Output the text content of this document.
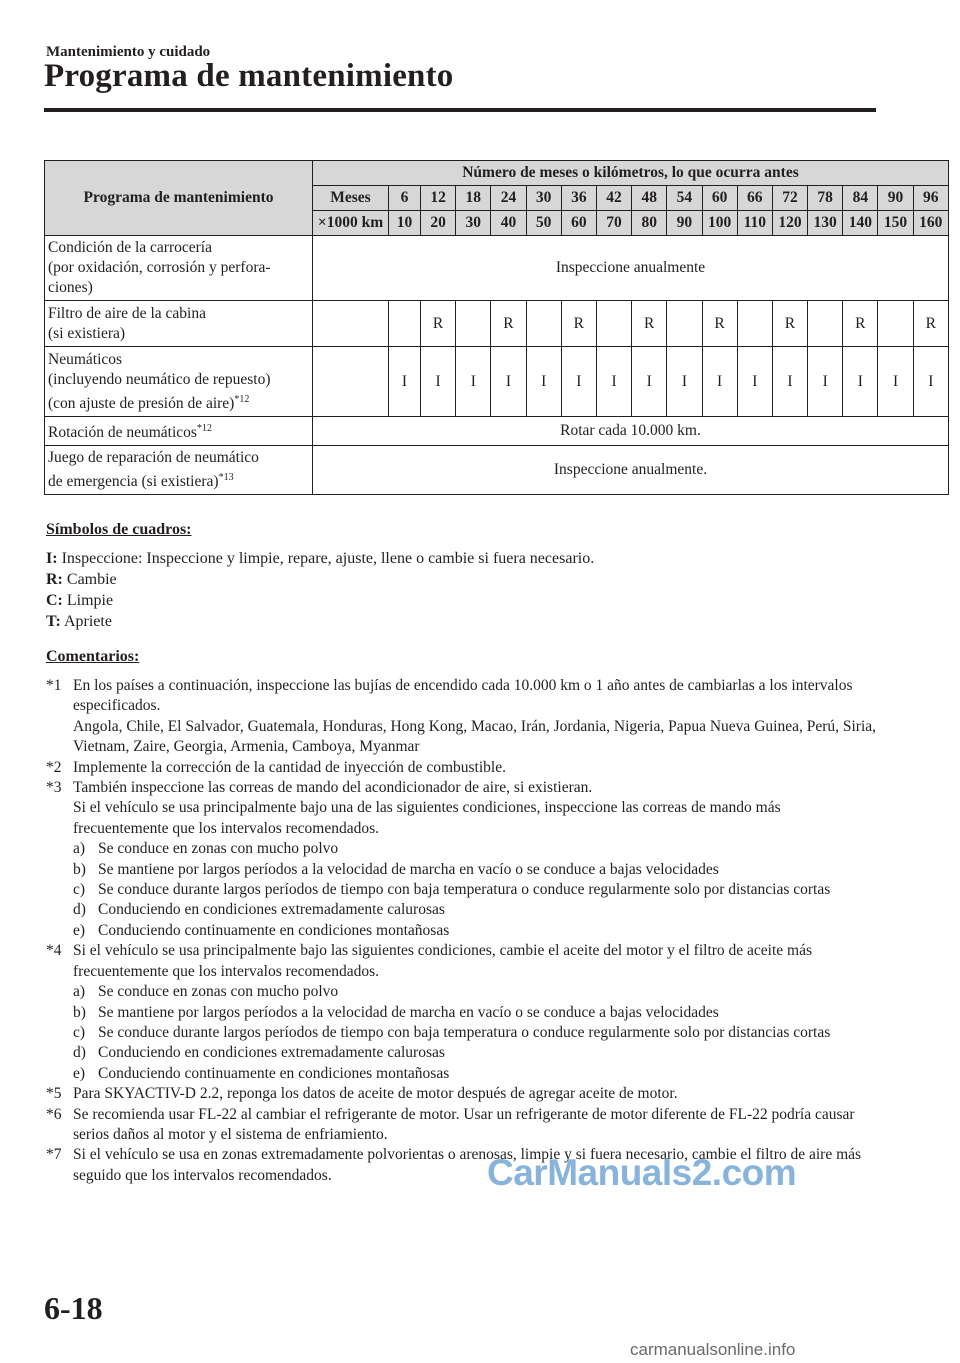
Mantenimiento y cuidado
Programa de mantenimiento
Programa de mantenimiento	Número de meses o kilómetros, lo que ocurra antes																
	Meses	6	12	18	24	30	36	42	48	54	60	66	72	78	84	90	96
	×1000 km	10	20	30	40	50	60	70	80	90	100	110	120	130	140	150	160
Condición de la carrocería
(por oxidación, corrosión y perfora-
ciones)	Inspeccione anualmente																
Filtro de aire de la cabina
(si existiera)			R		R		R		R		R		R		R		R
Neumáticos
(incluyendo neumático de repuesto)
(con ajuste de presión de aire)$^{*12}$		I	I	I	I	I	I	I	I	I	I	I	I	I	I	I	I
Rotación de neumáticos$^{*12}$	Rotar cada 10.000 km.																
Juego de reparación de neumático
de emergencia (si existiera)$^{*13}$	Inspeccione anualmente.																
Símbolos de cuadros:
I: Inspeccione: Inspeccione y limpie, repare, ajuste, llene o cambie si fuera necesario.
R: Cambie
C: Limpie
T: Apriete
Comentarios:
*1 En los países a continuación, inspeccione las bujías de encendido cada 10.000 km o 1 año antes de cambiarlas a los intervalos especificados.
Angola, Chile, El Salvador, Guatemala, Honduras, Hong Kong, Macao, Irán, Jordania, Nigeria, Papua Nueva Guinea, Perú, Siria, Vietnam, Zaire, Georgia, Armenia, Camboya, Myanmar
*2 Implemente la corrección de la cantidad de inyección de combustible.
*3 También inspeccione las correas de mando del acondicionador de aire, si existieran.
Si el vehículo se usa principalmente bajo una de las siguientes condiciones, inspeccione las correas de mando más frecuentemente que los intervalos recomendados.
a) Se conduce en zonas con mucho polvo
b) Se mantiene por largos períodos a la velocidad de marcha en vacío o se conduce a bajas velocidades
c) Se conduce durante largos períodos de tiempo con baja temperatura o conduce regularmente solo por distancias cortas
d) Conduciendo en condiciones extremadamente calurosas
e) Conduciendo continuamente en condiciones montañosas
*4 Si el vehículo se usa principalmente bajo las siguientes condiciones, cambie el aceite del motor y el filtro de aceite más frecuentemente que los intervalos recomendados.
a) Se conduce en zonas con mucho polvo
b) Se mantiene por largos períodos a la velocidad de marcha en vacío o se conduce a bajas velocidades
c) Se conduce durante largos períodos de tiempo con baja temperatura o conduce regularmente solo por distancias cortas
d) Conduciendo en condiciones extremadamente calurosas
e) Conduciendo continuamente en condiciones montañosas
*5 Para SKYACTIV-D 2.2, reponga los datos de aceite de motor después de agregar aceite de motor.
*6 Se recomienda usar FL-22 al cambiar el refrigerante de motor. Usar un refrigerante de motor diferente de FL-22 podría causar serios daños al motor y el sistema de enfriamiento.
*7 Si el vehículo se usa en zonas extremadamente polvorientas o arenosas, limpie y si fuera necesario, cambie el filtro de aire más seguido que los intervalos recomendados.	CarManuals2.com
6-18
carmanualsonline.info
